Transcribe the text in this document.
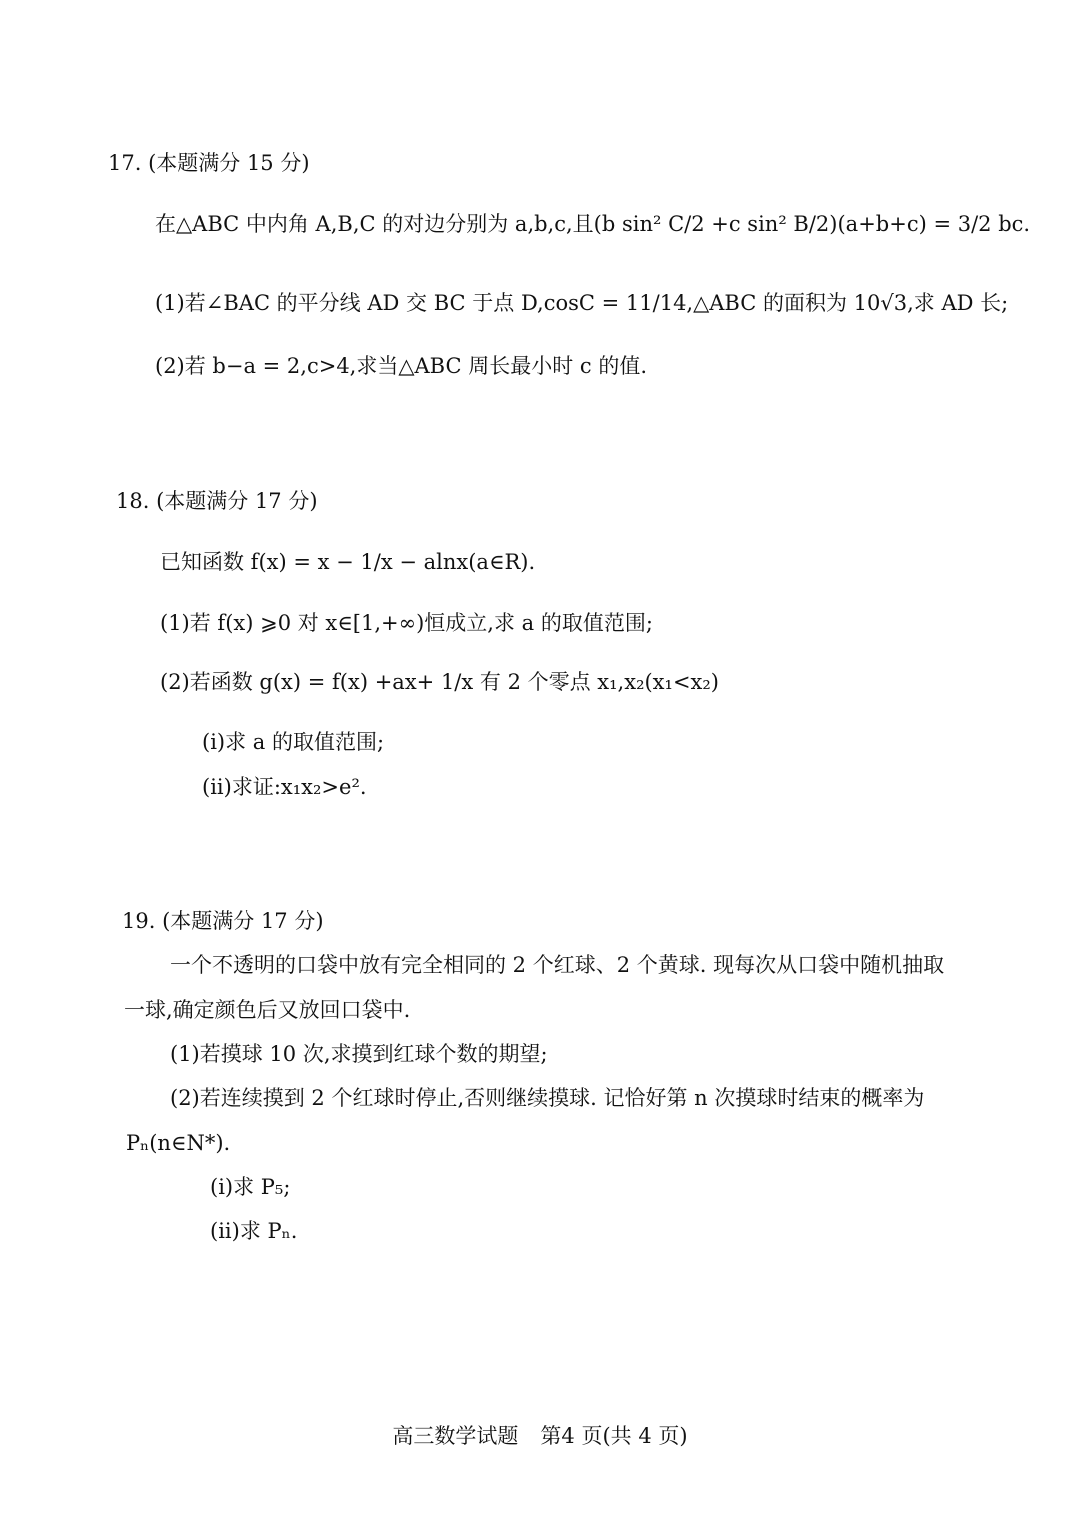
17. (本题满分 15 分)
在△ABC 中内角 A,B,C 的对边分别为 a,b,c,且(b sin² C/2 +c sin² B/2)(a+b+c) = 3/2 bc.
(1)若∠BAC 的平分线 AD 交 BC 于点 D,cosC = 11/14,△ABC 的面积为 10√3,求 AD 长;
(2)若 b−a = 2,c>4,求当△ABC 周长最小时 c 的值.
18. (本题满分 17 分)
已知函数 f(x) = x − 1/x − alnx(a∈R).
(1)若 f(x) ⩾0 对 x∈[1,+∞)恒成立,求 a 的取值范围;
(2)若函数 g(x) = f(x) +ax+ 1/x 有 2 个零点 x₁,x₂(x₁<x₂)
(i)求 a 的取值范围;
(ii)求证:x₁x₂>e².
19. (本题满分 17 分)
一个不透明的口袋中放有完全相同的 2 个红球、2 个黄球. 现每次从口袋中随机抽取
一球,确定颜色后又放回口袋中.
(1)若摸球 10 次,求摸到红球个数的期望;
(2)若连续摸到 2 个红球时停止,否则继续摸球. 记恰好第 n 次摸球时结束的概率为
Pₙ(n∈N*).
(i)求 P₅;
(ii)求 Pₙ.
高三数学试题 第4 页(共 4 页)
